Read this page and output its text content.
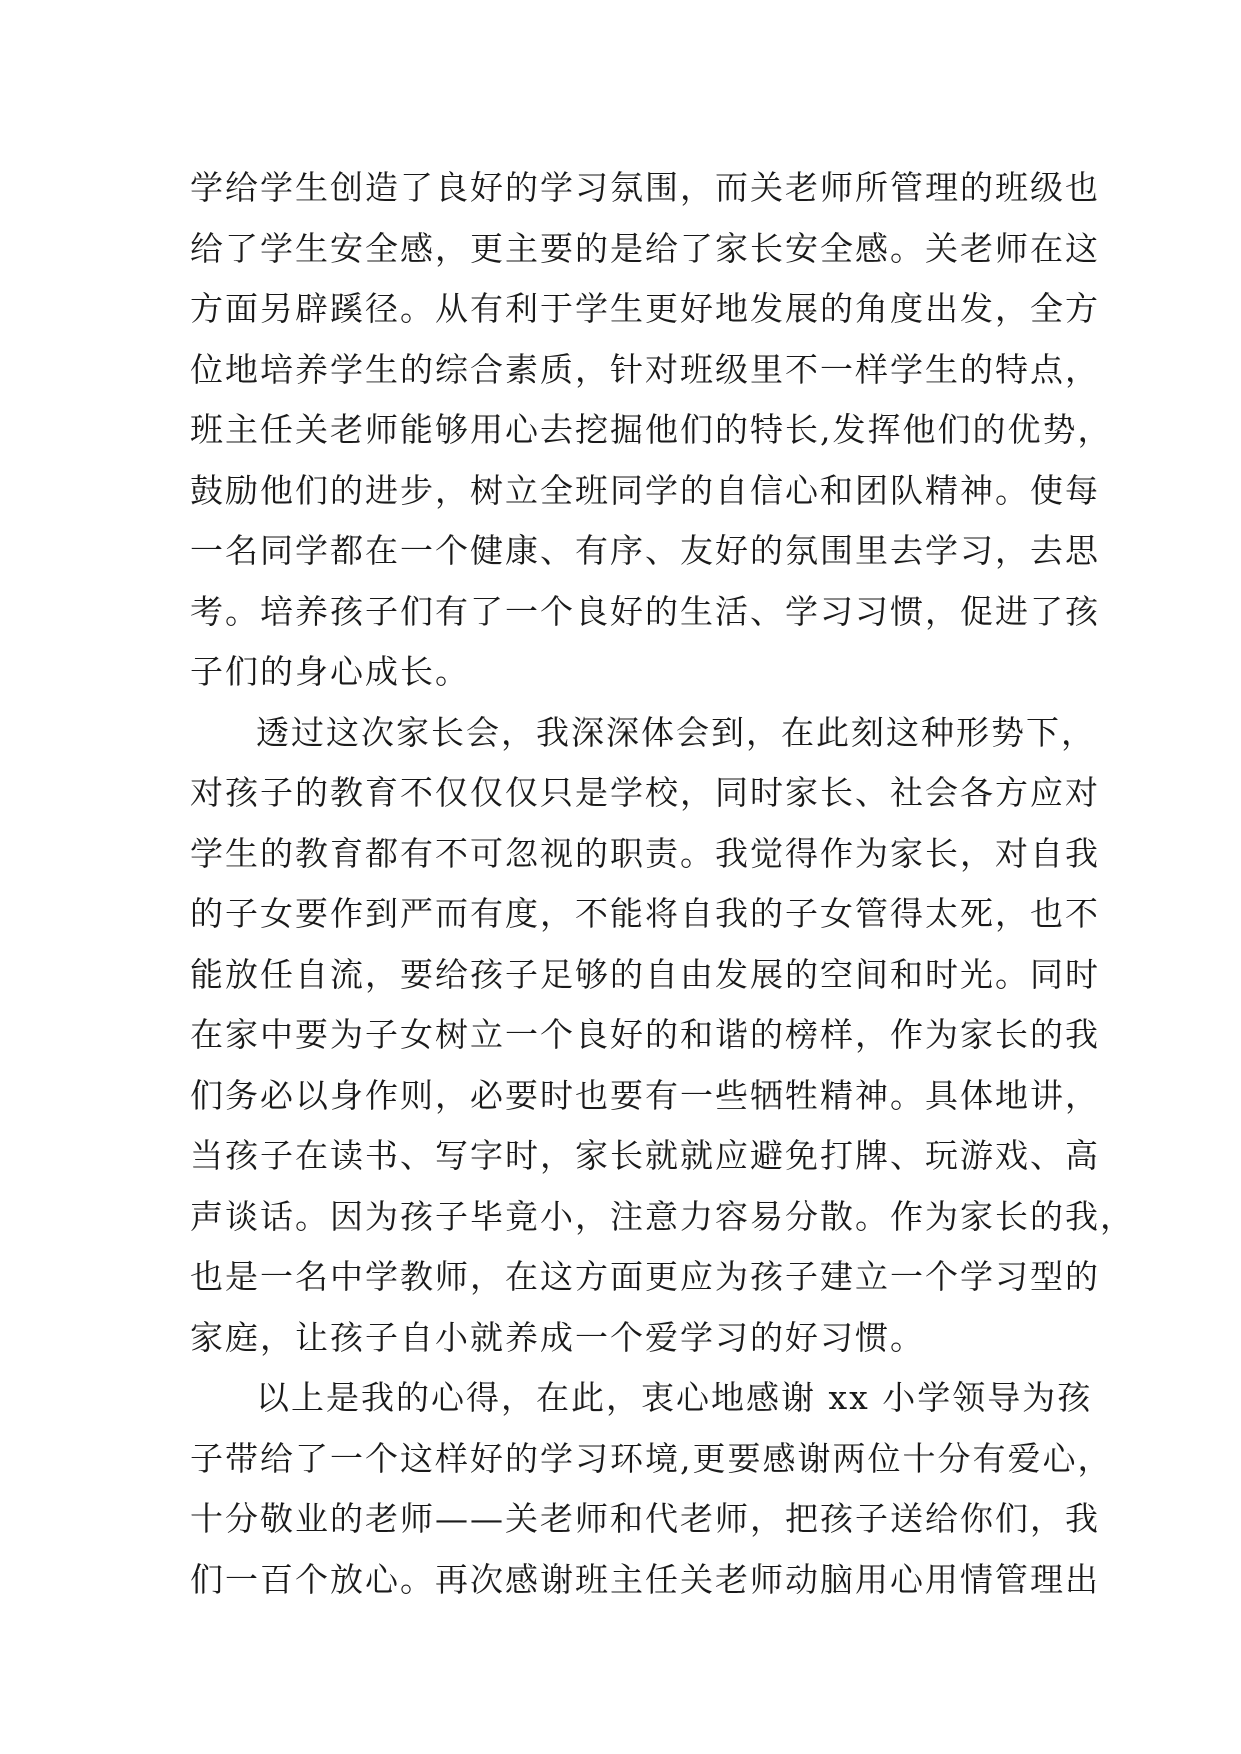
学给学生创造了良好的学习氛围，而关老师所管理的班级也
给了学生安全感，更主要的是给了家长安全感。关老师在这
方面另辟蹊径。从有利于学生更好地发展的角度出发，全方
位地培养学生的综合素质，针对班级里不一样学生的特点，
班主任关老师能够用心去挖掘他们的特长,发挥他们的优势，
鼓励他们的进步，树立全班同学的自信心和团队精神。使每
一名同学都在一个健康、有序、友好的氛围里去学习，去思
考。培养孩子们有了一个良好的生活、学习习惯，促进了孩
子们的身心成长。
透过这次家长会，我深深体会到，在此刻这种形势下，
对孩子的教育不仅仅仅只是学校，同时家长、社会各方应对
学生的教育都有不可忽视的职责。我觉得作为家长，对自我
的子女要作到严而有度，不能将自我的子女管得太死，也不
能放任自流，要给孩子足够的自由发展的空间和时光。同时
在家中要为子女树立一个良好的和谐的榜样，作为家长的我
们务必以身作则，必要时也要有一些牺牲精神。具体地讲，
当孩子在读书、写字时，家长就就应避免打牌、玩游戏、高
声谈话。因为孩子毕竟小，注意力容易分散。作为家长的我，
也是一名中学教师，在这方面更应为孩子建立一个学习型的
家庭，让孩子自小就养成一个爱学习的好习惯。
以上是我的心得，在此，衷心地感谢 xx 小学领导为孩
子带给了一个这样好的学习环境,更要感谢两位十分有爱心，
十分敬业的老师——关老师和代老师，把孩子送给你们，我
们一百个放心。再次感谢班主任关老师动脑用心用情管理出
